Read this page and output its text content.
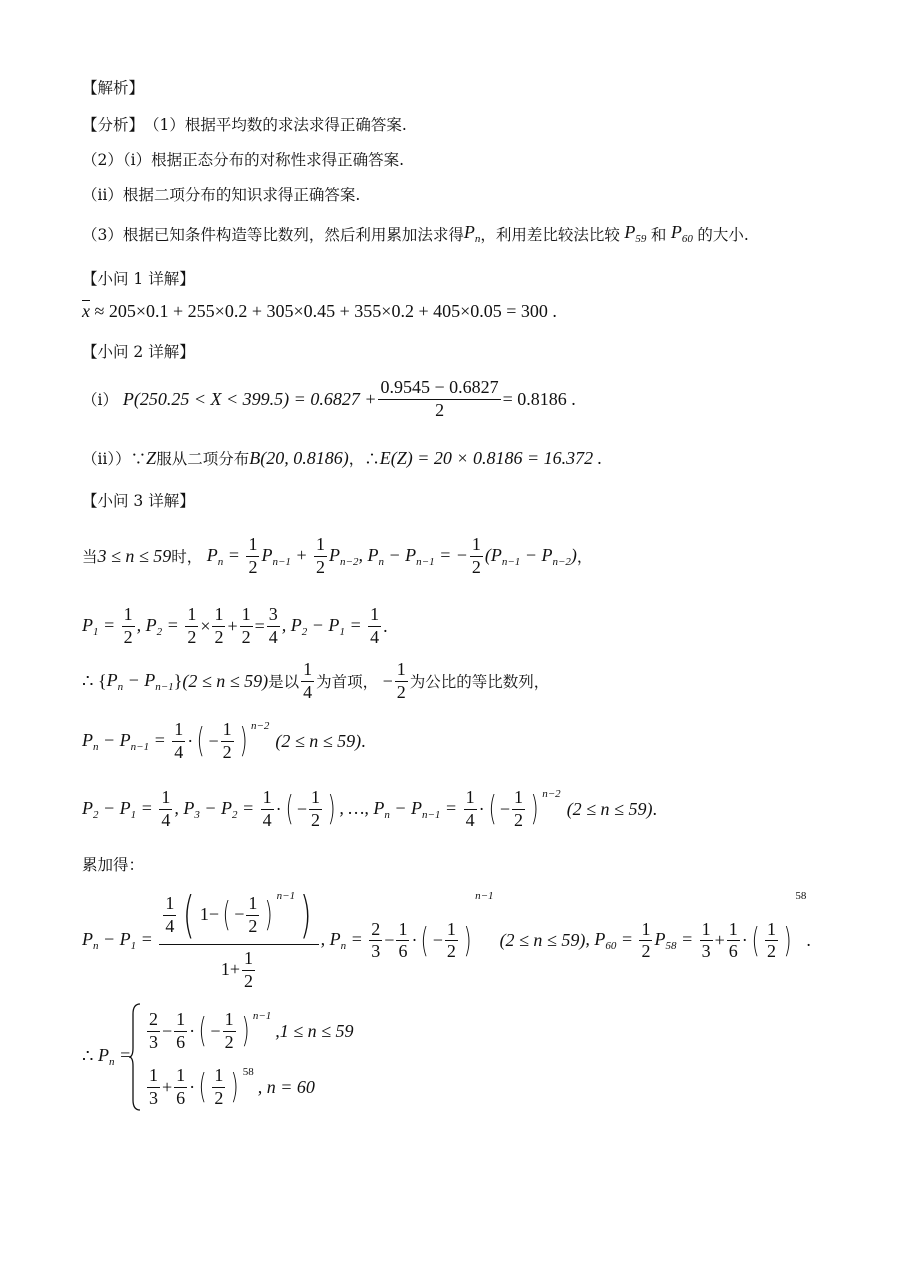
【解析】
【分析】 （1）根据平均数的求法求得正确答案.
（2）（ⅰ）根据正态分布的对称性求得正确答案.
（ⅱ）根据二项分布的知识求得正确答案.
（3）根据已知条件构造等比数列，然后利用累加法求得 $P_n$ ，利用差比较法比较 $P_{59}$ 和 $P_{60}$ 的大小.
【小问 1 详解】
$\overline{x}$
≈ 205×0.1 + 255×0.2 + 305×0.45 + 355×0.2 + 405×0.05 = 300 .
【小问 2 详解】
（ⅰ）
$P(250.25 < X < 399.5) = 0.6827 + \frac{0.9545 - 0.6827}{2} = 0.8186$ .
（ⅱ））∵ Z 服从二项分布 B(20, 0.8186) ，∴ E(Z) = 20 × 0.8186 = 16.372 .
【小问 3 详解】
当 3 ≤ n ≤ 59 时， $P_n = \frac{1}{2} P_{n-1} + \frac{1}{2} P_{n-2}$, $P_n - P_{n-1}$ = − $\frac{1}{2} (P_{n-1} - P_{n-2})$ ，
$P_1 = \frac{1}{2}$ , $P_2 = \frac{1}{2} \times \frac{1}{2} + \frac{1}{2} = \frac{3}{4}$ , $P_2 - P_1 = \frac{1}{4}$ .
∴ { $P_n - P_{n-1}$ } (2 ≤ n ≤ 59) 是以 $\frac{1}{4}$ 为首项， − $\frac{1}{2}$ 为公比的等比数列，
$P_n - P_{n-1} = \frac{1}{4}$ · ( − $\frac{1}{2}$ ) n−2
(2 ≤ n ≤ 59) .
$P_2 - P_1 = \frac{1}{4}$ , $P_3 - P_2 = \frac{1}{4}$ · ( − $\frac{1}{2}$ ) , …, $P_n - P_{n-1} = \frac{1}{4}$ · ( − $\frac{1}{2}$ ) n−2
(2 ≤ n ≤ 59) .
累加得：
$P_n - P_1$ =
$\frac{1}{4}$ ( 1 − ( − $\frac{1}{2}$ ) n−1 )
$1 + \frac{1}{2}$
, $P_n = \frac{2}{3} - \frac{1}{6}$ · ( − $\frac{1}{2}$ )
n−1
(2 ≤ n ≤ 59) , $P_{60} = \frac{1}{2} P_{58} = \frac{1}{3} + \frac{1}{6}$ · ( $\frac{1}{2}$ )
58
.
∴ $P_n$ =
$\frac{2}{3} - \frac{1}{6}$ · ( − $\frac{1}{2}$ ) n−1
,1 ≤ n ≤ 59
$\frac{1}{3} + \frac{1}{6}$ · ( $\frac{1}{2}$ ) 58
, n = 60
